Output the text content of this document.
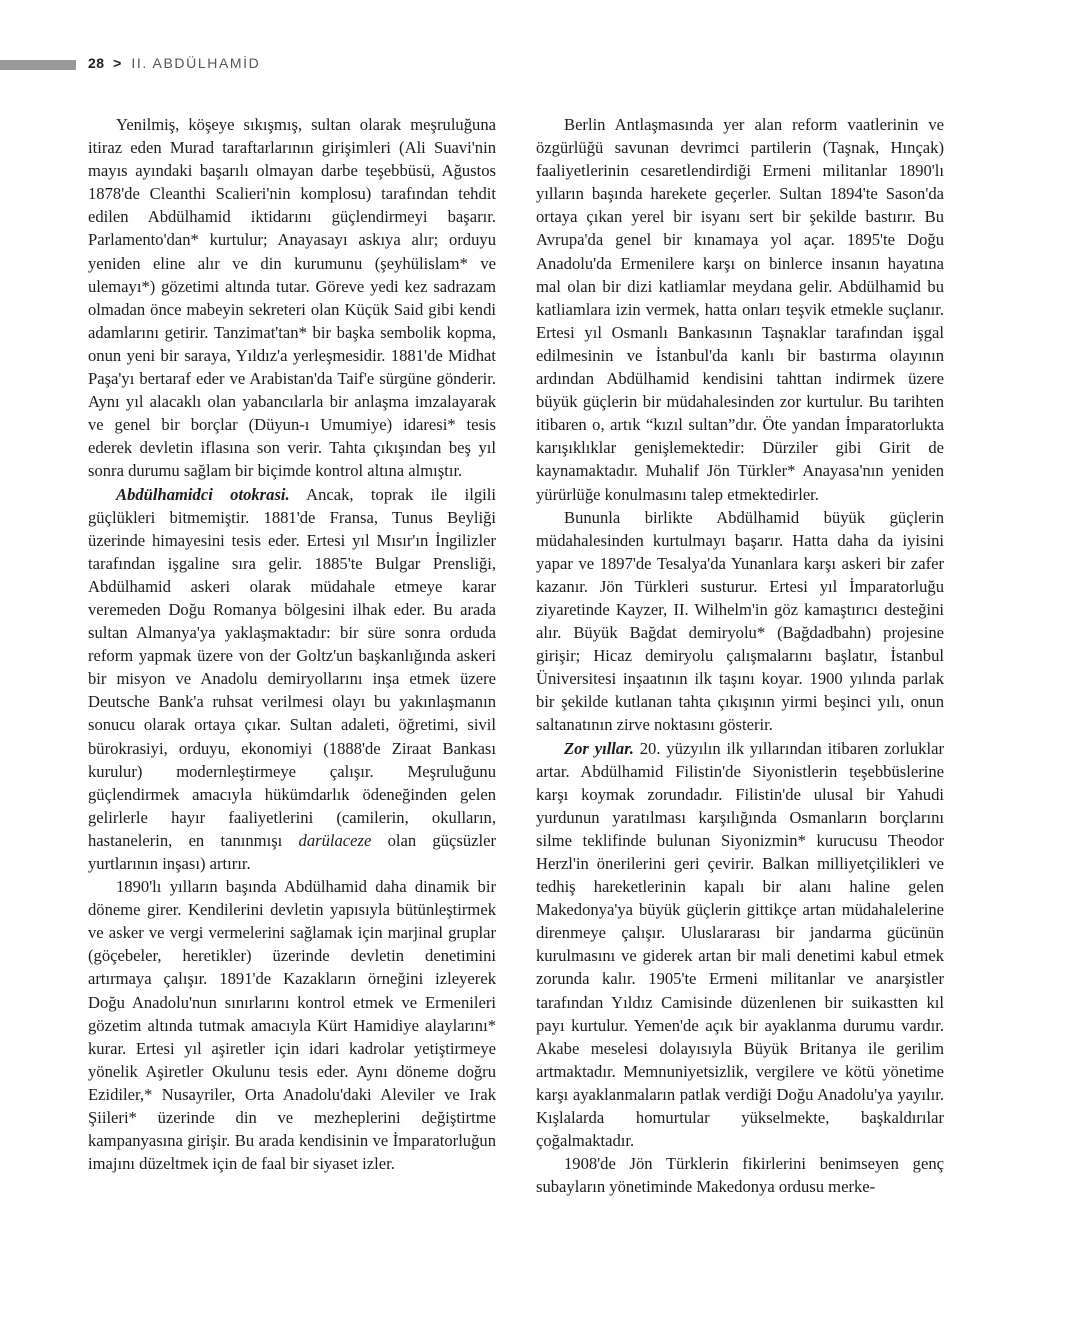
28 > II. ABDÜLHAMİD

Yenilmiş, köşeye sıkışmış, sultan olarak meşruluğuna itiraz eden Murad taraftarlarının girişimleri (Ali Suavi'nin mayıs ayındaki başarılı olmayan darbe teşebbüsü, Ağustos 1878'de Cleanthi Scalieri'nin komplosu) tarafından tehdit edilen Abdülhamid iktidarını güçlendirmeyi başarır. Parlamento'dan* kurtulur; Anayasayı askıya alır; orduyu yeniden eline alır ve din kurumunu (şeyhülislam* ve ulemayı*) gözetimi altında tutar. Göreve yedi kez sadrazam olmadan önce mabeyin sekreteri olan Küçük Said gibi kendi adamlarını getirir. Tanzimat'tan* bir başka sembolik kopma, onun yeni bir saraya, Yıldız'a yerleşmesidir. 1881'de Midhat Paşa'yı bertaraf eder ve Arabistan'da Taif'e sürgüne gönderir. Aynı yıl alacaklı olan yabancılarla bir anlaşma imzalayarak ve genel bir borçlar (Düyun-ı Umumiye) idaresi* tesis ederek devletin iflasına son verir. Tahta çıkışından beş yıl sonra durumu sağlam bir biçimde kontrol altına almıştır.

Abdülhamidci otokrasi. Ancak, toprak ile ilgili güçlükleri bitmemiştir. 1881'de Fransa, Tunus Beyliği üzerinde himayesini tesis eder. Ertesi yıl Mısır'ın İngilizler tarafından işgaline sıra gelir. 1885'te Bulgar Prensliği, Abdülhamid askeri olarak müdahale etmeye karar veremeden Doğu Romanya bölgesini ilhak eder. Bu arada sultan Almanya'ya yaklaşmaktadır: bir süre sonra orduda reform yapmak üzere von der Goltz'un başkanlığında askeri bir misyon ve Anadolu demiryollarını inşa etmek üzere Deutsche Bank'a ruhsat verilmesi olayı bu yakınlaşmanın sonucu olarak ortaya çıkar. Sultan adaleti, öğretimi, sivil bürokrasiyi, orduyu, ekonomiyi (1888'de Ziraat Bankası kurulur) modernleştirmeye çalışır. Meşruluğunu güçlendirmek amacıyla hükümdarlık ödeneğinden gelen gelirlerle hayır faaliyetlerini (camilerin, okulların, hastanelerin, en tanınmışı darülaceze olan güçsüzler yurtlarının inşası) artırır.

1890'lı yılların başında Abdülhamid daha dinamik bir döneme girer. Kendilerini devletin yapısıyla bütünleştirmek ve asker ve vergi vermelerini sağlamak için marjinal gruplar (göçebeler, heretikler) üzerinde devletin denetimini artırmaya çalışır. 1891'de Kazakların örneğini izleyerek Doğu Anadolu'nun sınırlarını kontrol etmek ve Ermenileri gözetim altında tutmak amacıyla Kürt Hamidiye alaylarını* kurar. Ertesi yıl aşiretler için idari kadrolar yetiştirmeye yönelik Aşiretler Okulunu tesis eder. Aynı döneme doğru Ezidiler,* Nusayriler, Orta Anadolu'daki Aleviler ve Irak Şiileri* üzerinde din ve mezheplerini değiştirtme kampanyasına girişir. Bu arada kendisinin ve İmparatorluğun imajını düzeltmek için de faal bir siyaset izler.

Berlin Antlaşmasında yer alan reform vaatlerinin ve özgürlüğü savunan devrimci partilerin (Taşnak, Hınçak) faaliyetlerinin cesaretlendirdiği Ermeni militanlar 1890'lı yılların başında harekete geçerler. Sultan 1894'te Sason'da ortaya çıkan yerel bir isyanı sert bir şekilde bastırır. Bu Avrupa'da genel bir kınamaya yol açar. 1895'te Doğu Anadolu'da Ermenilere karşı on binlerce insanın hayatına mal olan bir dizi katliamlar meydana gelir. Abdülhamid bu katliamlara izin vermek, hatta onları teşvik etmekle suçlanır. Ertesi yıl Osmanlı Bankasının Taşnaklar tarafından işgal edilmesinin ve İstanbul'da kanlı bir bastırma olayının ardından Abdülhamid kendisini tahttan indirmek üzere büyük güçlerin bir müdahalesinden zor kurtulur. Bu tarihten itibaren o, artık “kızıl sultan”dır. Öte yandan İmparatorlukta karışıklıklar genişlemektedir: Dürziler gibi Girit de kaynamaktadır. Muhalif Jön Türkler* Anayasa'nın yeniden yürürlüğe konulmasını talep etmektedirler.

Bununla birlikte Abdülhamid büyük güçlerin müdahalesinden kurtulmayı başarır. Hatta daha da iyisini yapar ve 1897'de Tesalya'da Yunanlara karşı askeri bir zafer kazanır. Jön Türkleri susturur. Ertesi yıl İmparatorluğu ziyaretinde Kayzer, II. Wilhelm'in göz kamaştırıcı desteğini alır. Büyük Bağdat demiryolu* (Bağdadbahn) projesine girişir; Hicaz demiryolu çalışmalarını başlatır, İstanbul Üniversitesi inşaatının ilk taşını koyar. 1900 yılında parlak bir şekilde kutlanan tahta çıkışının yirmi beşinci yılı, onun saltanatının zirve noktasını gösterir.

Zor yıllar. 20. yüzyılın ilk yıllarından itibaren zorluklar artar. Abdülhamid Filistin'de Siyonistlerin teşebbüslerine karşı koymak zorundadır. Filistin'de ulusal bir Yahudi yurdunun yaratılması karşılığında Osmanların borçlarını silme teklifinde bulunan Siyonizmin* kurucusu Theodor Herzl'in önerilerini geri çevirir. Balkan milliyetçilikleri ve tedhiş hareketlerinin kapalı bir alanı haline gelen Makedonya'ya büyük güçlerin gittikçe artan müdahalelerine direnmeye çalışır. Uluslararası bir jandarma gücünün kurulmasını ve giderek artan bir mali denetimi kabul etmek zorunda kalır. 1905'te Ermeni militanlar ve anarşistler tarafından Yıldız Camisinde düzenlenen bir suikastten kıl payı kurtulur. Yemen'de açık bir ayaklanma durumu vardır. Akabe meselesi dolayısıyla Büyük Britanya ile gerilim artmaktadır. Memnuniyetsizlik, vergilere ve kötü yönetime karşı ayaklanmaların patlak verdiği Doğu Anadolu'ya yayılır. Kışlalarda homurtular yükselmekte, başkaldırılar çoğalmaktadır.

1908'de Jön Türklerin fikirlerini benimseyen genç subayların yönetiminde Makedonya ordusu merke-
